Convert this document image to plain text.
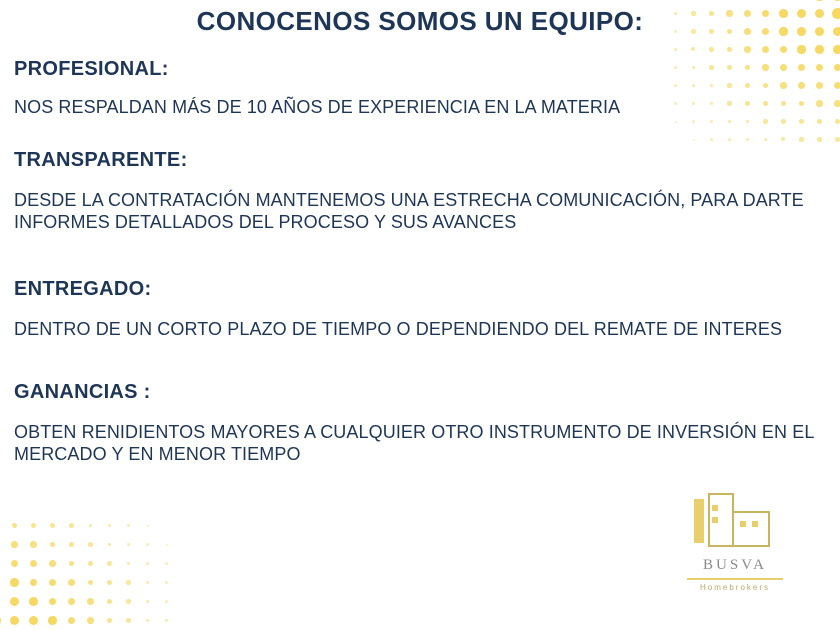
CONOCENOS SOMOS UN EQUIPO:

PROFESIONAL:

NOS RESPALDAN MÁS DE 10 AÑOS DE EXPERIENCIA EN LA MATERIA

TRANSPARENTE:

DESDE LA CONTRATACIÓN MANTENEMOS UNA ESTRECHA COMUNICACIÓN, PARA DARTE INFORMES DETALLADOS DEL PROCESO Y SUS AVANCES

ENTREGADO:

DENTRO DE UN CORTO PLAZO DE TIEMPO O DEPENDIENDO DEL REMATE DE INTERES

GANANCIAS :

OBTEN RENIDIENTOS MAYORES A CUALQUIER OTRO INSTRUMENTO DE INVERSIÓN EN EL MERCADO Y EN MENOR TIEMPO

BUSVA
Homebrokers
